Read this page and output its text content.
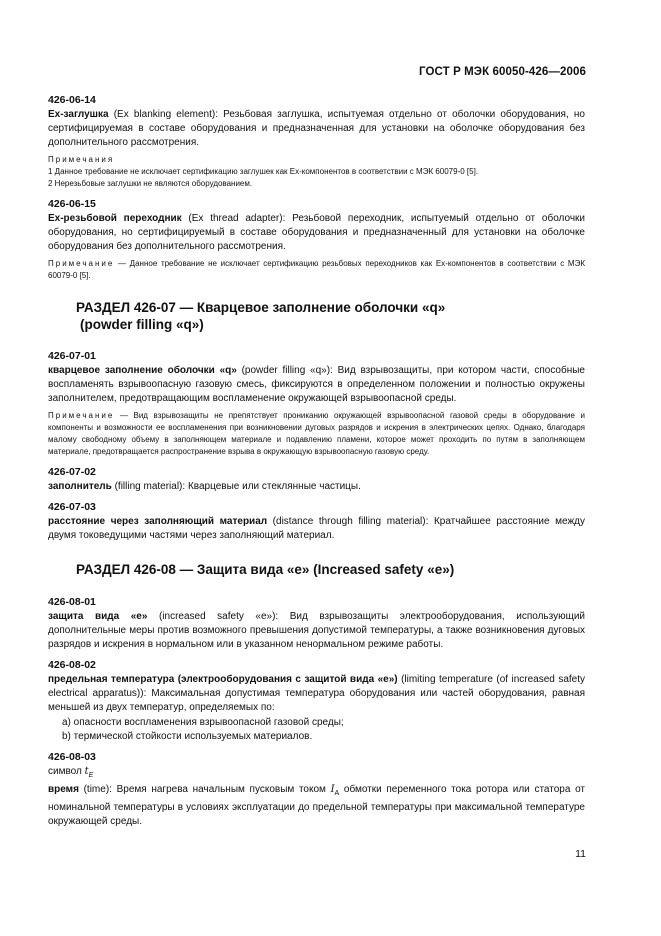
ГОСТ Р МЭК 60050-426—2006

426-06-14

Ex-заглушка (Ex blanking element): Резьбовая заглушка, испытуемая отдельно от оболочки оборудования, но сертифицируемая в составе оборудования и предназначенная для установки на оболочке оборудования без дополнительного рассмотрения.

Примечания
1 Данное требование не исключает сертификацию заглушек как Ex-компонентов в соответствии с МЭК 60079-0 [5].
2 Нерезьбовые заглушки не являются оборудованием.

426-06-15

Ex-резьбовой переходник (Ex thread adapter): Резьбовой переходник, испытуемый отдельно от оболочки оборудования, но сертифицируемый в составе оборудования и предназначенный для установки на оболочке оборудования без дополнительного рассмотрения.

Примечание — Данное требование не исключает сертификацию резьбовых переходников как Ex-компонентов в соответствии с МЭК 60079-0 [5].
РАЗДЕЛ 426-07 — Кварцевое заполнение оболочки «q»
(powder filling «q»)

426-07-01

кварцевое заполнение оболочки «q» (powder filling «q»): Вид взрывозащиты, при котором части, способные воспламенять взрывоопасную газовую смесь, фиксируются в определенном положении и полностью окружены заполнителем, предотвращающим воспламенение окружающей взрывоопасной среды.

Примечание — Вид взрывозащиты не препятствует прониканию окружающей взрывоопасной газовой среды в оборудование и компоненты и возможности ее воспламенения при возникновении дуговых разрядов и искрения в электрических цепях. Однако, благодаря малому свободному объему в заполняющем материале и подавлению пламени, которое может проходить по путям в заполняющем материале, предотвращается распространение взрыва в окружающую взрывоопасную газовую среду.

426-07-02

заполнитель (filling material): Кварцевые или стеклянные частицы.

426-07-03

расстояние через заполняющий материал (distance through filling material): Кратчайшее расстояние между двумя токоведущими частями через заполняющий материал.

РАЗДЕЛ 426-08 — Защита вида «е» (Increased safety «е»)

426-08-01

защита вида «е» (increased safety «e»): Вид взрывозащиты электрооборудования, использующий дополнительные меры против возможного превышения допустимой температуры, а также возникновения дуговых разрядов и искрения в нормальном или в указанном ненормальном режиме работы.

426-08-02

предельная температура (электрооборудования с защитой вида «е») (limiting temperature (of increased safety electrical apparatus)): Максимальная допустимая температура оборудования или частей оборудования, равная меньшей из двух температур, определяемых по:

a) опасности воспламенения взрывоопасной газовой среды;
b) термической стойкости используемых материалов.

426-08-03

символ $t_E$

время (time): Время нагрева начальным пусковым током $I_A$ обмотки переменного тока ротора или статора от номинальной температуры в условиях эксплуатации до предельной температуры при максимальной температуре окружающей среды.

11
